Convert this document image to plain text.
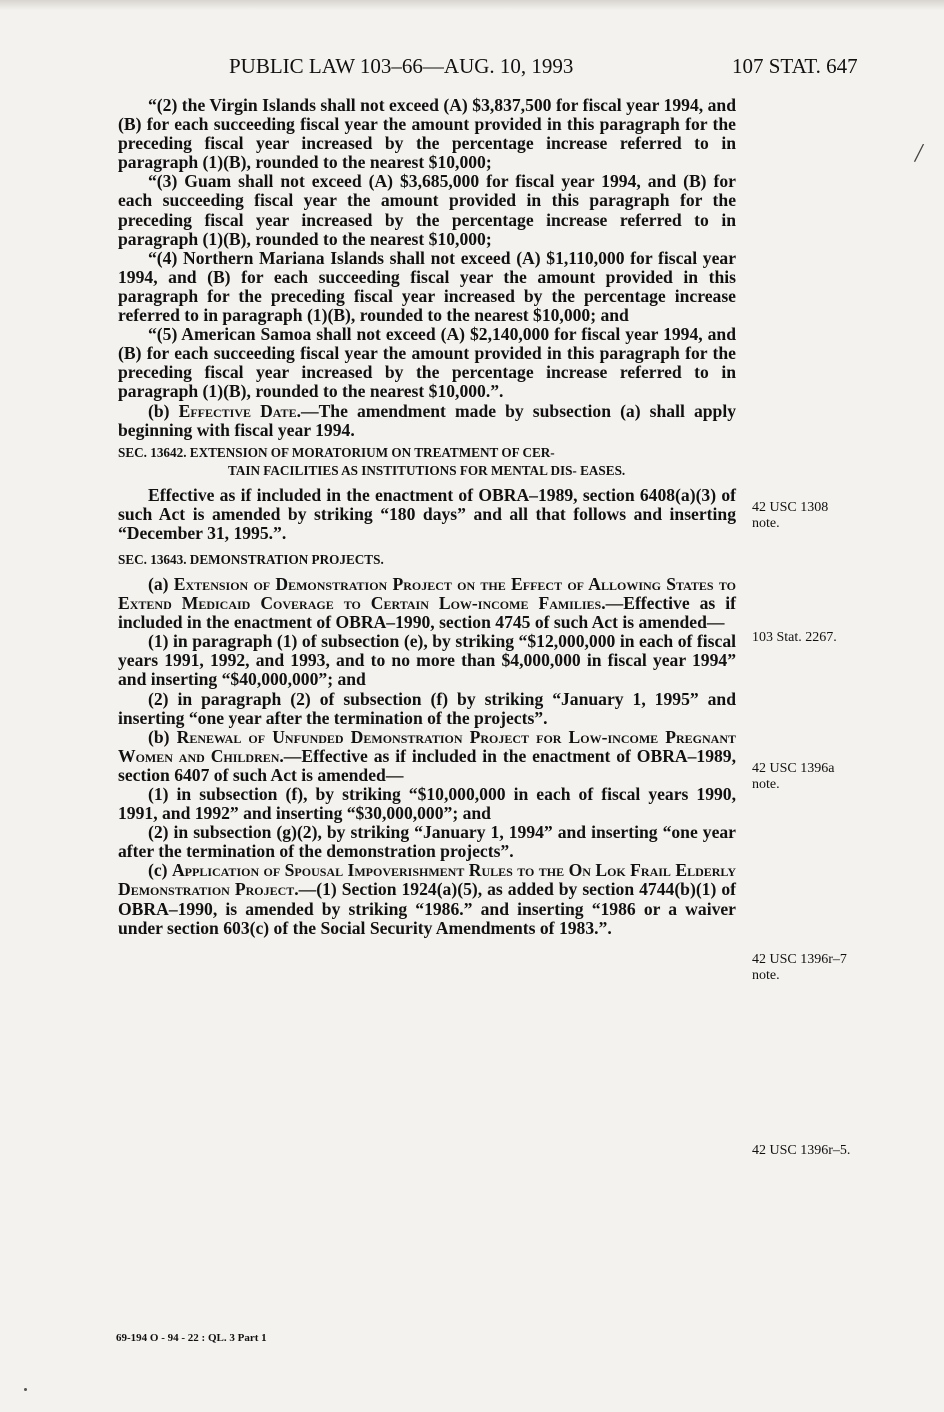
PUBLIC LAW 103–66—AUG. 10, 1993	107 STAT. 647
/

“(2) the Virgin Islands shall not exceed (A) $3,837,500 for fiscal year 1994, and (B) for each succeeding fiscal year the amount provided in this paragraph for the preceding fiscal year increased by the percentage increase referred to in paragraph (1)(B), rounded to the nearest $10,000;

“(3) Guam shall not exceed (A) $3,685,000 for fiscal year 1994, and (B) for each succeeding fiscal year the amount provided in this paragraph for the preceding fiscal year increased by the percentage increase referred to in paragraph (1)(B), rounded to the nearest $10,000;

“(4) Northern Mariana Islands shall not exceed (A) $1,110,000 for fiscal year 1994, and (B) for each succeeding fiscal year the amount provided in this paragraph for the preceding fiscal year increased by the percentage increase referred to in paragraph (1)(B), rounded to the nearest $10,000; and

“(5) American Samoa shall not exceed (A) $2,140,000 for fiscal year 1994, and (B) for each succeeding fiscal year the amount provided in this paragraph for the preceding fiscal year increased by the percentage increase referred to in paragraph (1)(B), rounded to the nearest $10,000.”.

(b) Effective Date.—The amendment made by subsection (a) shall apply beginning with fiscal year 1994.

SEC. 13642. EXTENSION OF MORATORIUM ON TREATMENT OF CER-
TAIN FACILITIES AS INSTITUTIONS FOR MENTAL DIS- EASES.

Effective as if included in the enactment of OBRA–1989, section 6408(a)(3) of such Act is amended by striking “180 days” and all that follows and inserting “December 31, 1995.”.

SEC. 13643. DEMONSTRATION PROJECTS.

(a) Extension of Demonstration Project on the Effect of Allowing States to Extend Medicaid Coverage to Certain Low-income Families.—Effective as if included in the enactment of OBRA–1990, section 4745 of such Act is amended—

(1) in paragraph (1) of subsection (e), by striking “$12,000,000 in each of fiscal years 1991, 1992, and 1993, and to no more than $4,000,000 in fiscal year 1994” and inserting “$40,000,000”; and

(2) in paragraph (2) of subsection (f) by striking “January 1, 1995” and inserting “one year after the termination of the projects”.

(b) Renewal of Unfunded Demonstration Project for Low-income Pregnant Women and Children.—Effective as if included in the enactment of OBRA–1989, section 6407 of such Act is amended—

(1) in subsection (f), by striking “$10,000,000 in each of fiscal years 1990, 1991, and 1992” and inserting “$30,000,000”; and

(2) in subsection (g)(2), by striking “January 1, 1994” and inserting “one year after the termination of the demonstration projects”.

(c) Application of Spousal Impoverishment Rules to the On Lok Frail Elderly Demonstration Project.—(1) Section 1924(a)(5), as added by section 4744(b)(1) of OBRA–1990, is amended by striking “1986.” and inserting “1986 or a waiver under section 603(c) of the Social Security Amendments of 1983.”.

42 USC 1308
note.
103 Stat. 2267.
42 USC 1396a
note.
42 USC 1396r–7
note.
42 USC 1396r–5.
69-194 O - 94 - 22 : QL. 3 Part 1
